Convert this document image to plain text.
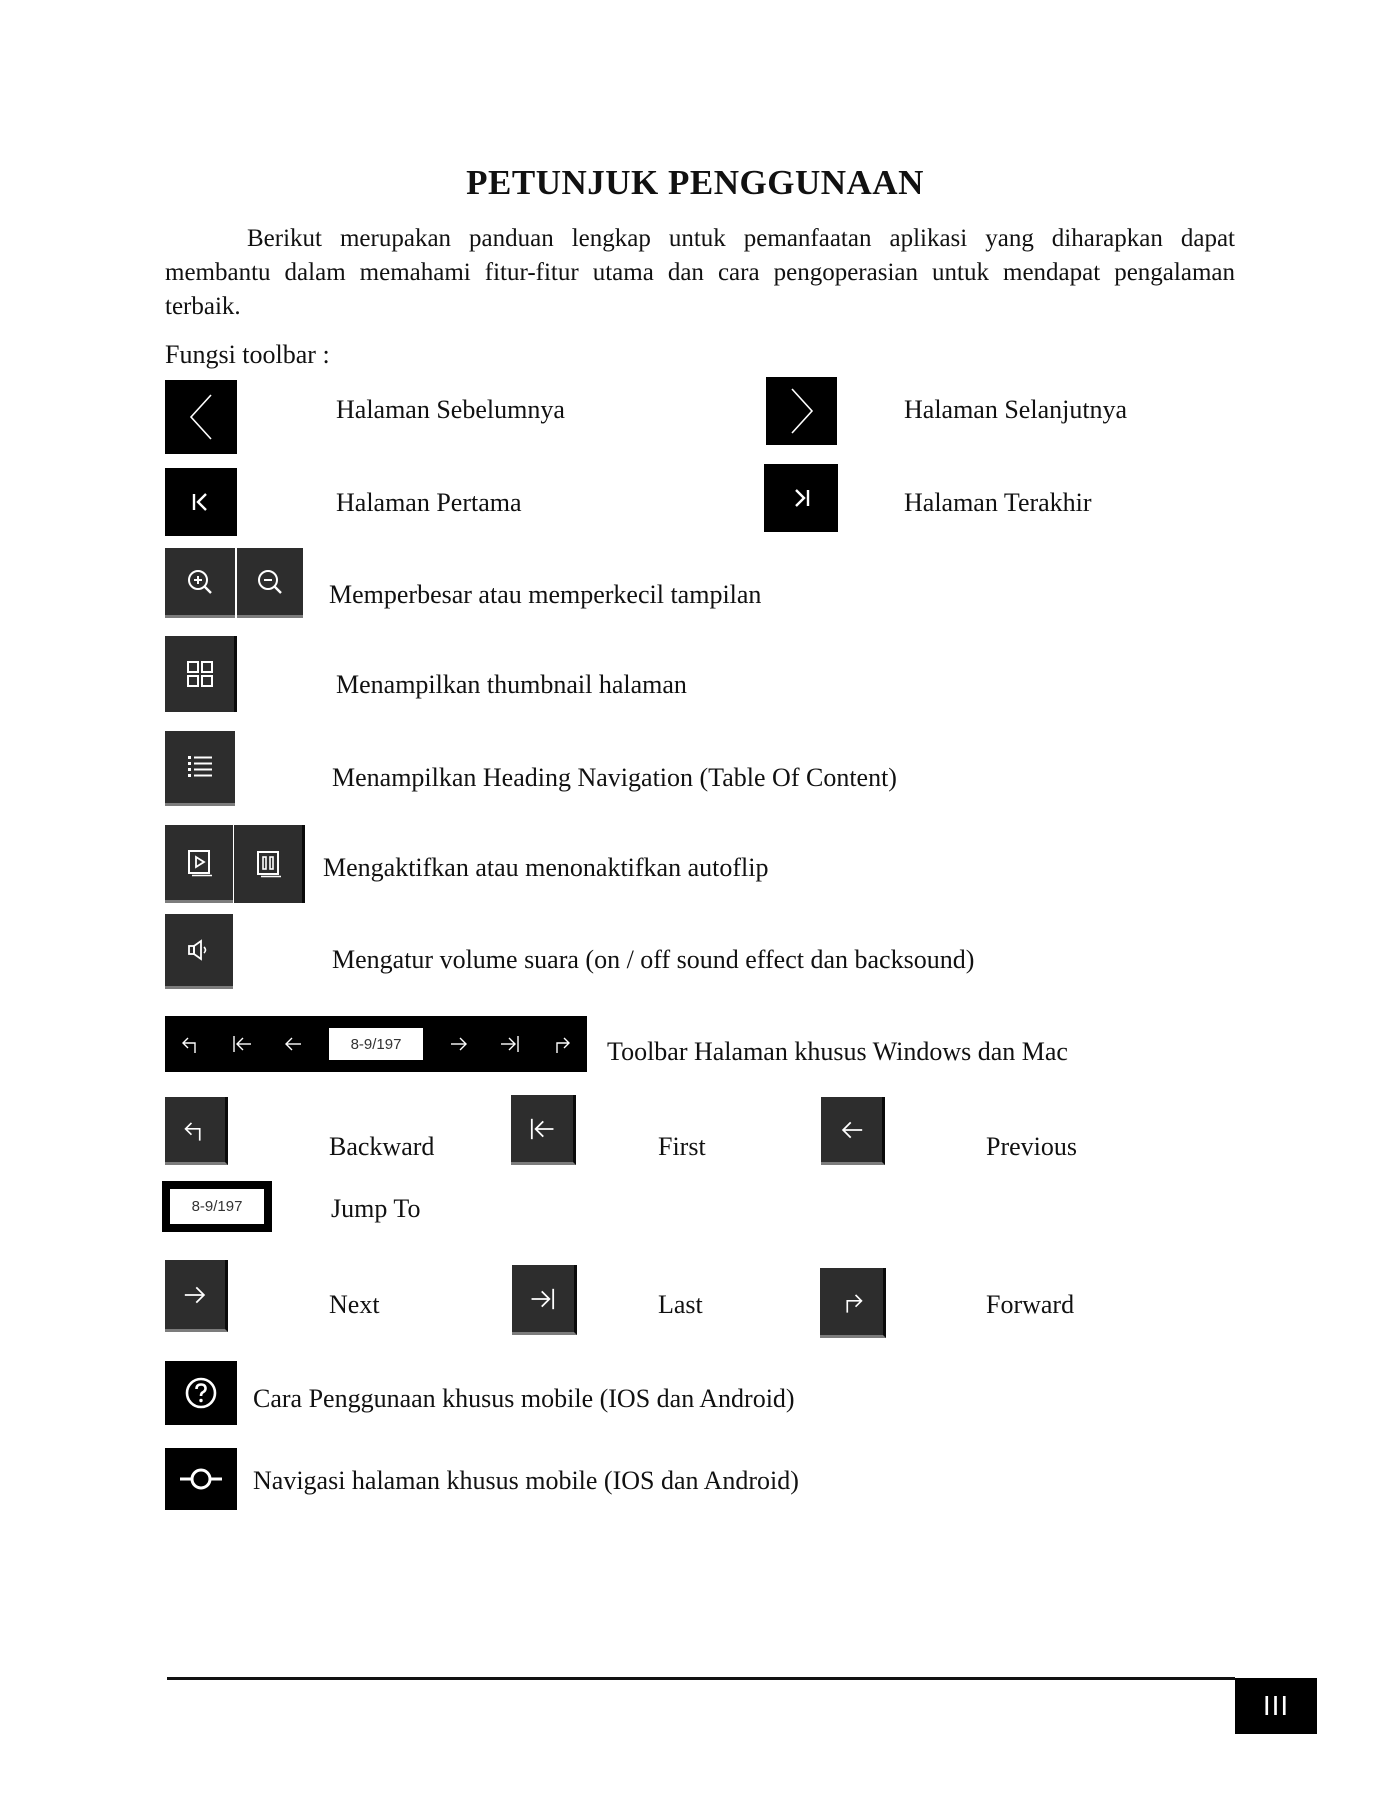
PETUNJUK PENGGUNAAN
Berikut merupakan panduan lengkap untuk pemanfaatan aplikasi yang diharapkan dapat membantu dalam memahami fitur-fitur utama dan cara pengoperasian untuk mendapat pengalaman terbaik.
Fungsi toolbar :
Halaman Sebelumnya	Halaman Selanjutnya
Halaman Pertama	Halaman Terakhir
Memperbesar atau memperkecil tampilan
Menampilkan thumbnail halaman
Menampilkan Heading Navigation (Table Of Content)
Mengaktifkan atau menonaktifkan autoflip
Mengatur volume suara (on / off sound effect dan backsound)
8-9/197	Toolbar Halaman khusus Windows dan Mac
Backward	First	Previous
8-9/197	Jump To
Next	Last	Forward
Cara Penggunaan khusus mobile (IOS dan Android)
Navigasi halaman khusus mobile (IOS dan Android)
III
